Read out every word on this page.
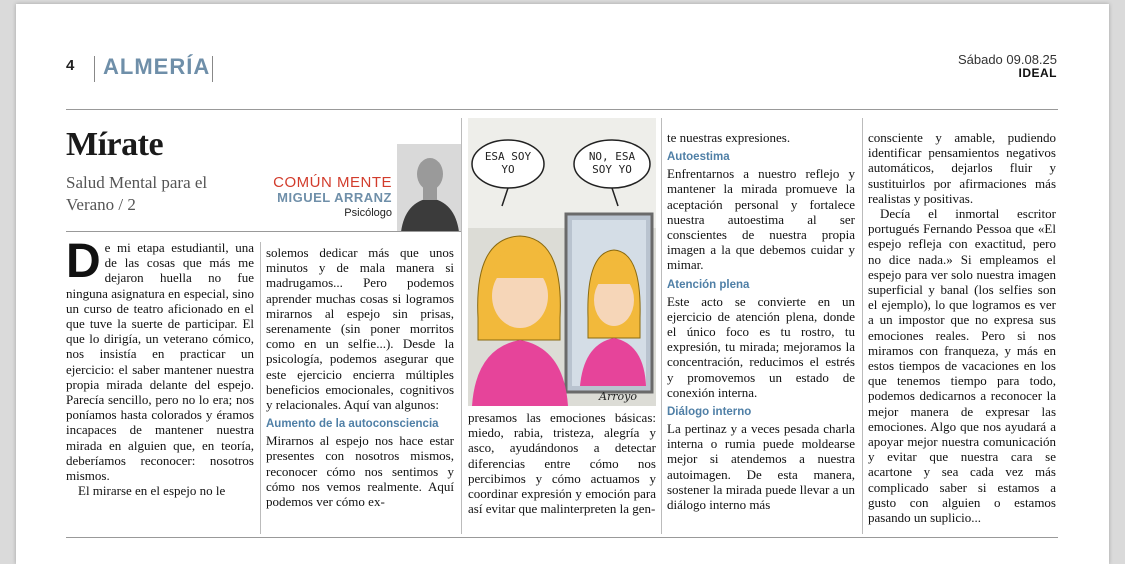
4 ALMERÍA	Sábado 09.08.25
IDEAL
Mírate
Salud Mental para el Verano / 2
COMÚN MENTE
MIGUEL ARRANZ
Psicólogo
D e mi etapa estudiantil, una de las cosas que más me dejaron huella no fue ninguna asignatura en especial, sino un curso de teatro aficionado en el que tuve la suerte de participar. El que lo dirigía, un veterano cómico, nos insistía en practicar un ejercicio: el saber mantener nuestra propia mirada delante del espejo. Parecía sencillo, pero no lo era; nos poníamos hasta colorados y éramos incapaces de mantener nuestra mirada en alguien que, en teoría, deberíamos reconocer: nosotros mismos.

El mirarse en el espejo no le

solemos dedicar más que unos minutos y de mala manera si madrugamos... Pero podemos aprender muchas cosas si logramos mirarnos al espejo sin prisas, serenamente (sin poner morritos como en un selfie...). Desde la psicología, podemos asegurar que este ejercicio encierra múltiples beneficios emocionales, cognitivos y relacionales. Aquí van algunos:

Aumento de la autoconsciencia

Mirarnos al espejo nos hace estar presentes con nosotros mismos, reconocer cómo nos sentimos y cómo nos vemos realmente. Aquí podemos ver cómo ex-

ESA SOY YO
NO, ESA SOY YO
Arroyo

presamos las emociones básicas: miedo, rabia, tristeza, alegría y asco, ayudándonos a detectar diferencias entre cómo nos percibimos y cómo actuamos y coordinar expresión y emoción para así evitar que malinterpreten la gen-

te nuestras expresiones.

Autoestima

Enfrentarnos a nuestro reflejo y mantener la mirada promueve la aceptación personal y fortalece nuestra autoestima al ser conscientes de nuestra propia imagen a la que debemos cuidar y mimar.

Atención plena

Este acto se convierte en un ejercicio de atención plena, donde el único foco es tu rostro, tu expresión, tu mirada; mejoramos la concentración, reducimos el estrés y promovemos un estado de conexión interna.

Diálogo interno

La pertinaz y a veces pesada charla interna o rumia puede moldearse mejor si atendemos a nuestra autoimagen. De esta manera, sostener la mirada puede llevar a un diálogo interno más

consciente y amable, pudiendo identificar pensamientos negativos automáticos, dejarlos fluir y sustituirlos por afirmaciones más realistas y positivas.

Decía el inmortal escritor portugués Fernando Pessoa que «El espejo refleja con exactitud, pero no dice nada.» Si empleamos el espejo para ver solo nuestra imagen superficial y banal (los selfies son el ejemplo), lo que logramos es ver a un impostor que no expresa sus emociones reales. Pero si nos miramos con franqueza, y más en estos tiempos de vacaciones en los que tenemos tiempo para todo, podemos dedicarnos a reconocer la mejor manera de expresar las emociones. Algo que nos ayudará a apoyar mejor nuestra comunicación y evitar que nuestra cara se acartone y sea cada vez más complicado saber si estamos a gusto con alguien o estamos pasando un suplicio...
